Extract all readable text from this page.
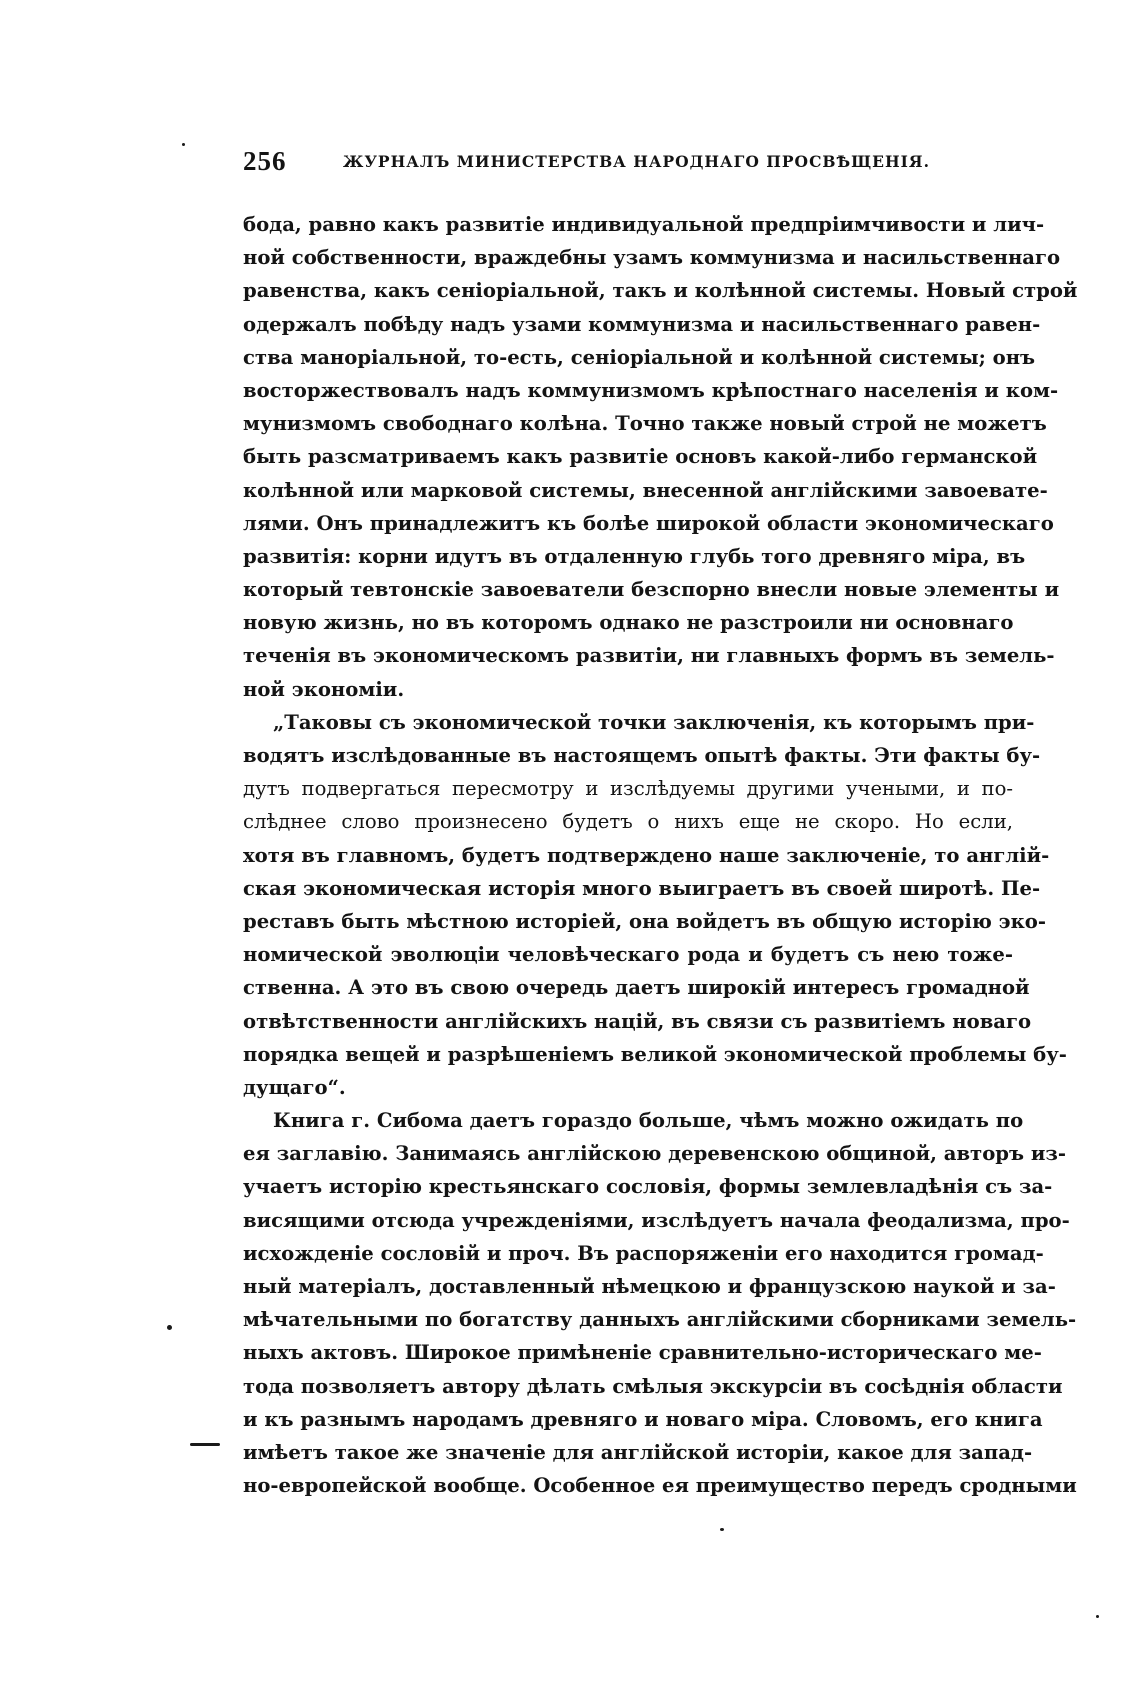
256	ЖУРНАЛЪ МИНИСТЕРСТВА НАРОДНАГО ПРОСВѢЩЕНІЯ.
бода, равно какъ развитіе индивидуальной предпріимчивости и лич-
ной собственности, враждебны узамъ коммунизма и насильственнаго
равенства, какъ сеніоріальной, такъ и колѣнной системы. Новый строй
одержалъ побѣду надъ узами коммунизма и насильственнаго равен-
ства маноріальной, то-есть, сеніоріальной и колѣнной системы; онъ
восторжествовалъ надъ коммунизмомъ крѣпостнаго населенія и ком-
мунизмомъ свободнаго колѣна. Точно также новый строй не можетъ
быть разсматриваемъ какъ развитіе основъ какой-либо германской
колѣнной или марковой системы, внесенной англійскими завоевате-
лями. Онъ принадлежитъ къ болѣе широкой области экономическаго
развитія: корни идутъ въ отдаленную глубь того древняго міра, въ
который тевтонскіе завоеватели безспорно внесли новые элементы и
новую жизнь, но въ которомъ однако не разстроили ни основнаго
теченія въ экономическомъ развитіи, ни главныхъ формъ въ земель-
ной экономіи.
„Таковы съ экономической точки заключенія, къ которымъ при-
водятъ изслѣдованные въ настоящемъ опытѣ факты. Эти факты бу-
дутъ подвергаться пересмотру и изслѣдуемы другими учеными, и по-
слѣднее слово произнесено будетъ о нихъ еще не скоро. Но если,
хотя въ главномъ, будетъ подтверждено наше заключеніе, то англій-
ская экономическая исторія много выиграетъ въ своей широтѣ. Пе-
реставъ быть мѣстною исторіей, она войдетъ въ общую исторію эко-
номической эволюціи человѣческаго рода и будетъ съ нею тоже-
ственна. А это въ свою очередь даетъ широкій интересъ громадной
отвѣтственности англійскихъ націй, въ связи съ развитіемъ новаго
порядка вещей и разрѣшеніемъ великой экономической проблемы бу-
дущаго“.
Книга г. Сибома даетъ гораздо больше, чѣмъ можно ожидать по
ея заглавію. Занимаясь англійскою деревенскою общиной, авторъ из-
учаетъ исторію крестьянскаго сословія, формы землевладѣнія съ за-
висящими отсюда учрежденіями, изслѣдуетъ начала феодализма, про-
исхожденіе сословій и проч. Въ распоряженіи его находится громад-
ный матеріалъ, доставленный нѣмецкою и французскою наукой и за-
мѣчательными по богатству данныхъ англійскими сборниками земель-
ныхъ актовъ. Широкое примѣненіе сравнительно-историческаго ме-
тода позволяетъ автору дѣлать смѣлыя экскурсіи въ сосѣднія области
и къ разнымъ народамъ древняго и новаго міра. Словомъ, его книга
имѣетъ такое же значеніе для англійской исторіи, какое для запад-
но-европейской вообще. Особенное ея преимущество передъ сродными
